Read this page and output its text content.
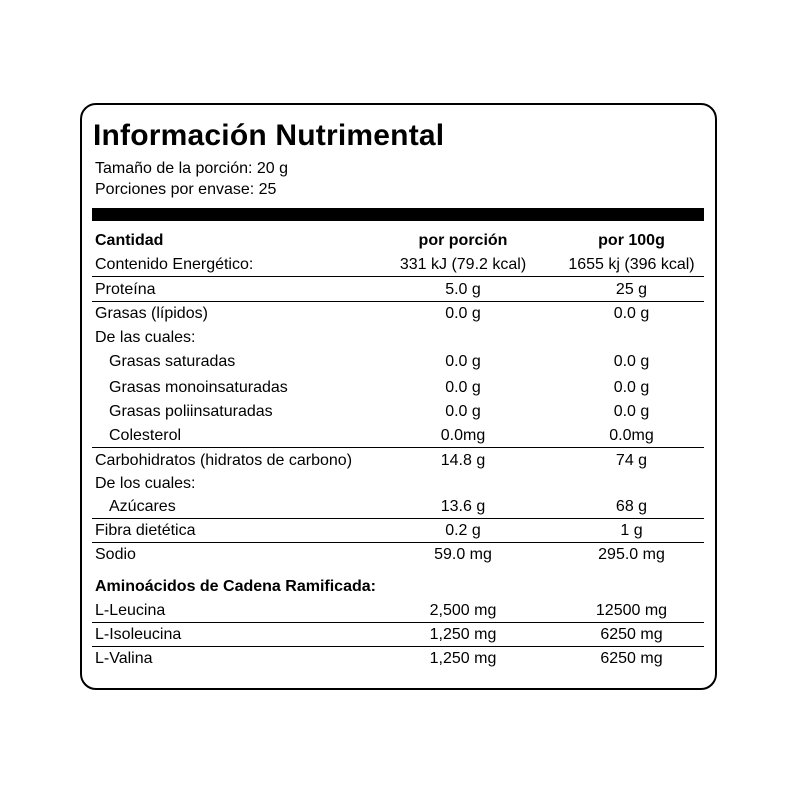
Información Nutrimental
Tamaño de la porción: 20 g
Porciones por envase: 25
Cantidad	por porción	por 100g
Contenido Energético:	331 kJ (79.2 kcal)	1655 kj (396 kcal)
Proteína	5.0 g	25 g
Grasas (lípidos)	0.0 g	0.0 g
De las cuales:
Grasas saturadas	0.0 g	0.0 g
Grasas monoinsaturadas	0.0 g	0.0 g
Grasas poliinsaturadas	0.0 g	0.0 g
Colesterol	0.0mg	0.0mg
Carbohidratos (hidratos de carbono)	14.8 g	74 g
De los cuales:
Azúcares	13.6 g	68 g
Fibra dietética	0.2 g	1 g
Sodio	59.0 mg	295.0 mg
Aminoácidos de Cadena Ramificada:
L-Leucina	2,500 mg	12500 mg
L-Isoleucina	1,250 mg	6250 mg
L-Valina	1,250 mg	6250 mg
